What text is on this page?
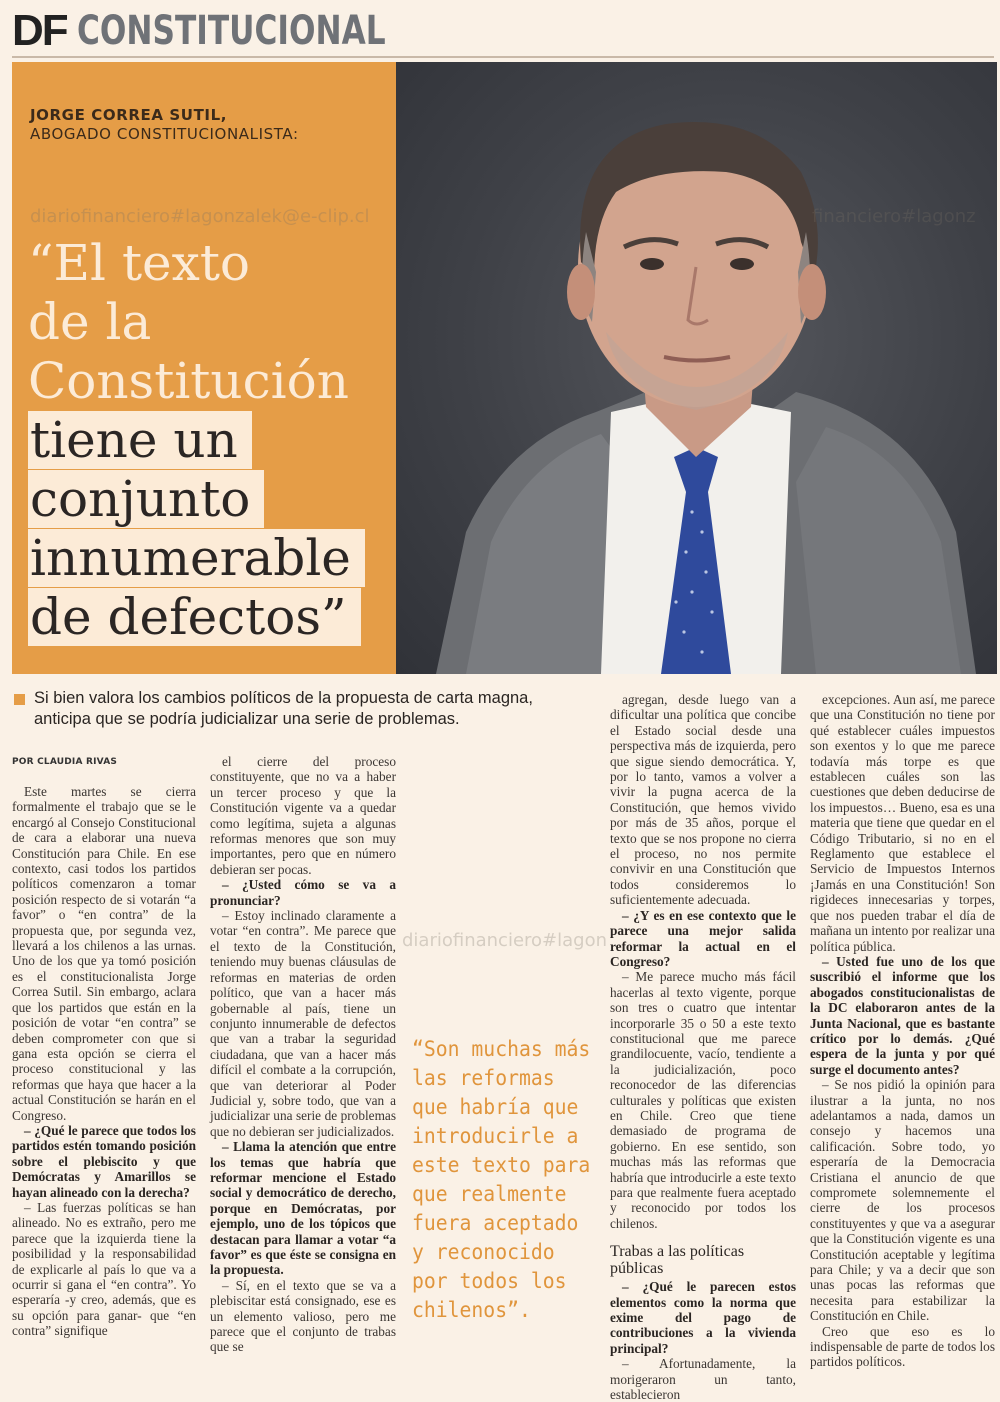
DF CONSTITUCIONAL
JORGE CORREA SUTIL,
ABOGADO CONSTITUCIONALISTA:
“El texto
de la
Constitución
tiene un
conjunto
innumerable
de defectos”
diariofinanciero#lagonzalek@e-clip.cl	financiero#lagonz
Si bien valora los cambios políticos de la propuesta de carta magna, anticipa que se podría judicializar una serie de problemas.
POR CLAUDIA RIVAS

Este martes se cierra formalmente el trabajo que se le encargó al Consejo Constitucional de cara a elaborar una nueva Constitución para Chile. En ese contexto, casi todos los partidos políticos comenzaron a tomar posición respecto de si votarán “a favor” o “en contra” de la propuesta que, por segunda vez, llevará a los chilenos a las urnas. Uno de los que ya tomó posición es el constitucionalista Jorge Correa Sutil. Sin embargo, aclara que los partidos que están en la posición de votar “en contra” se deben comprometer con que si gana esta opción se cierra el proceso constitucional y las reformas que haya que hacer a la actual Constitución se harán en el Congreso.

– ¿Qué le parece que todos los partidos estén tomando posición sobre el plebiscito y que Demócratas y Amarillos se hayan alineado con la derecha?

– Las fuerzas políticas se han alineado. No es extraño, pero me parece que la izquierda tiene la posibilidad y la responsabilidad de explicarle al país lo que va a ocurrir si gana el “en contra”. Yo esperaría -y creo, además, que es su opción para ganar- que “en contra” signifique

el cierre del proceso constituyente, que no va a haber un tercer proceso y que la Constitución vigente va a quedar como legítima, sujeta a algunas reformas menores que son muy importantes, pero que en número debieran ser pocas.

– ¿Usted cómo se va a pronunciar?

– Estoy inclinado claramente a votar “en contra”. Me parece que el texto de la Constitución, teniendo muy buenas cláusulas de reformas en materias de orden político, que van a hacer más gobernable al país, tiene un conjunto innumerable de defectos que van a trabar la seguridad ciudadana, que van a hacer más difícil el combate a la corrupción, que van deteriorar al Poder Judicial y, sobre todo, que van a judicializar una serie de problemas que no debieran ser judicializados.

– Llama la atención que entre los temas que habría que reformar mencione el Estado social y democrático de derecho, porque en Demócratas, por ejemplo, uno de los tópicos que destacan para llamar a votar “a favor” es que éste se consigna en la propuesta.

– Sí, en el texto que se va a plebiscitar está consignado, ese es un elemento valioso, pero me parece que el conjunto de trabas que se

diariofinanciero#lagon
“Son muchas más las reformas que habría que introducirle a este texto para que realmente fuera aceptado y reconocido por todos los chilenos”.

agregan, desde luego van a dificultar una política que concibe el Estado social desde una perspectiva más de izquierda, pero que sigue siendo democrática. Y, por lo tanto, vamos a volver a vivir la pugna acerca de la Constitución, que hemos vivido por más de 35 años, porque el texto que se nos propone no cierra el proceso, no nos permite convivir en una Constitución que todos consideremos lo suficientemente adecuada.

– ¿Y es en ese contexto que le parece una mejor salida reformar la actual en el Congreso?

– Me parece mucho más fácil hacerlas al texto vigente, porque son tres o cuatro que intentar incorporarle 35 o 50 a este texto constitucional que me parece grandilocuente, vacío, tendiente a la judicialización, poco reconocedor de las diferencias culturales y políticas que existen en Chile. Creo que tiene demasiado de programa de gobierno. En ese sentido, son muchas más las reformas que habría que introducirle a este texto para que realmente fuera aceptado y reconocido por todos los chilenos.

Trabas a las políticas públicas

– ¿Qué le parecen estos elementos como la norma que exime del pago de contribuciones a la vivienda principal?

– Afortunadamente, la morigeraron un tanto, establecieron

excepciones. Aun así, me parece que una Constitución no tiene por qué establecer cuáles impuestos son exentos y lo que me parece todavía más torpe es que establecen cuáles son las cuestiones que deben deducirse de los impuestos… Bueno, esa es una materia que tiene que quedar en el Código Tributario, si no en el Reglamento que establece el Servicio de Impuestos Internos ¡Jamás en una Constitución! Son rigideces innecesarias y torpes, que nos pueden trabar el día de mañana un intento por realizar una política pública.

– Usted fue uno de los que suscribió el informe que los abogados constitucionalistas de la DC elaboraron antes de la Junta Nacional, que es bastante crítico por lo demás. ¿Qué espera de la junta y por qué surge el documento antes?

– Se nos pidió la opinión para ilustrar a la junta, no nos adelantamos a nada, damos un consejo y hacemos una calificación. Sobre todo, yo esperaría de la Democracia Cristiana el anuncio de que compromete solemnemente el cierre de los procesos constituyentes y que va a asegurar que la Constitución vigente es una Constitución aceptable y legítima para Chile; y va a decir que son unas pocas las reformas que necesita para estabilizar la Constitución en Chile.

Creo que eso es lo indispensable de parte de todos los partidos políticos.
